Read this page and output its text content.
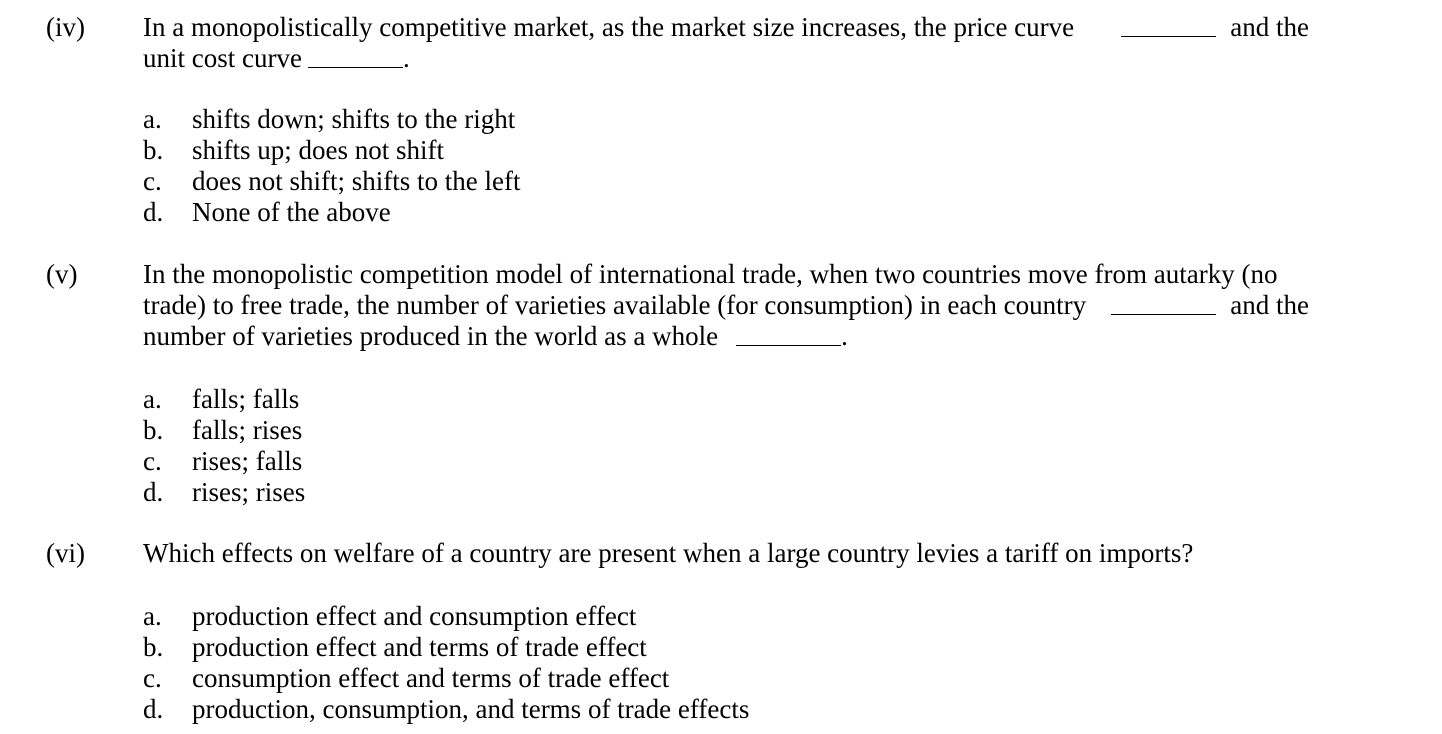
(iv) In a monopolistically competitive market, as the market size increases, the price curve	and the
unit cost curve	.
a. shifts down; shifts to the right
b. shifts up; does not shift
c. does not shift; shifts to the left
d. None of the above
(v) In the monopolistic competition model of international trade, when two countries move from autarky (no
trade) to free trade, the number of varieties available (for consumption) in each country	and the
number of varieties produced in the world as a whole	.
a. falls; falls
b. falls; rises
c. rises; falls
d. rises; rises
(vi) Which effects on welfare of a country are present when a large country levies a tariff on imports?
a. production effect and consumption effect
b. production effect and terms of trade effect
c. consumption effect and terms of trade effect
d. production, consumption, and terms of trade effects
